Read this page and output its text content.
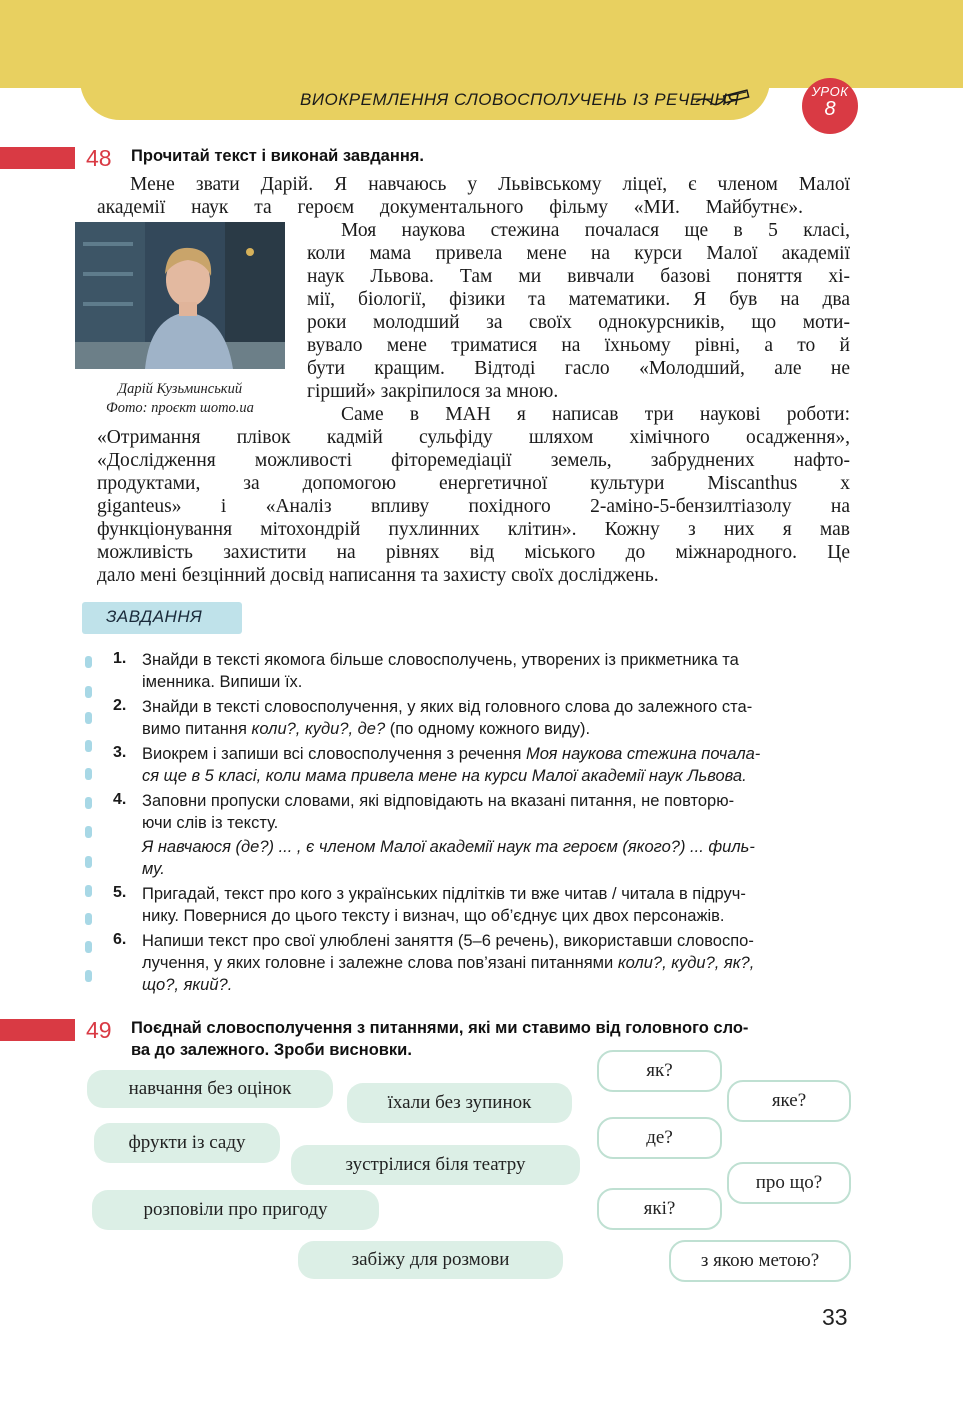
ВИОКРЕМЛЕННЯ СЛОВОСПОЛУЧЕНЬ ІЗ РЕЧЕННЯ	УРОК
8
48 Прочитай текст і виконай завдання.
Мене звати Дарій. Я навчаюсь у Львівському ліцеї, є членом Малої
академії наук та героєм документального фільму «МИ. Майбутнє».
Моя наукова стежина почалася ще в 5 класі,
коли мама привела мене на курси Малої академії
наук Львова. Там ми вивчали базові поняття хі-
мії, біології, фізики та математики. Я був на два
роки молодший за своїх однокурсників, що моти-
вувало мене триматися на їхньому рівні, а то й
бути кращим. Відтоді гасло «Молодший, але не
гірший» закріпилося за мною.
Саме в МАН я написав три наукові роботи:
«Отримання плівок кадмій сульфіду шляхом хімічного осадження»,
«Дослідження можливості фіторемедіації земель, забруднених нафто-
продуктами, за допомогою енергетичної культури Miscanthus x
giganteus» і «Аналіз впливу похідного 2-аміно-5-бензилтіазолу на
функціонування мітохондрій пухлинних клітин». Кожну з них я мав
можливість захистити на рівнях від міського до міжнародного. Це
дало мені безцінний досвід написання та захисту своїх досліджень.
Дарій Кузьминський
Фото: проєкт шото.ua
ЗАВДАННЯ
1. Знайди в тексті якомога більше словосполучень, утворених із прикметника та
іменника. Випиши їх.
2. Знайди в тексті словосполучення, у яких від головного слова до залежного ста-
вимо питання коли?, куди?, де? (по одному кожного виду).
3. Виокрем і запиши всі словосполучення з речення Моя наукова стежина почала-
ся ще в 5 класі, коли мама привела мене на курси Малої академії наук Львова.
4. Заповни пропуски словами, які відповідають на вказані питання, не повторю-
ючи слів із тексту.
Я навчаюся (де?) ... , є членом Малої академії наук та героєм (якого?) ... филь-
му.
5. Пригадай, текст про кого з українських підлітків ти вже читав / читала в підруч-
нику. Повернися до цього тексту і визнач, що об’єднує цих двох персонажів.
6. Напиши текст про свої улюблені заняття (5–6 речень), використавши словоспо-
лучення, у яких головне і залежне слова пов’язані питаннями коли?, куди?, як?,
що?, який?.
49 Поєднай словосполучення з питаннями, які ми ставимо від головного сло-
ва до залежного. Зроби висновки.
навчання без оцінок
їхали без зупинок
фрукти із саду
зустрілися біля театру
розповіли про пригоду
забіжу для розмови
як?
яке?
де?
про що?
які?
з якою метою?
33
